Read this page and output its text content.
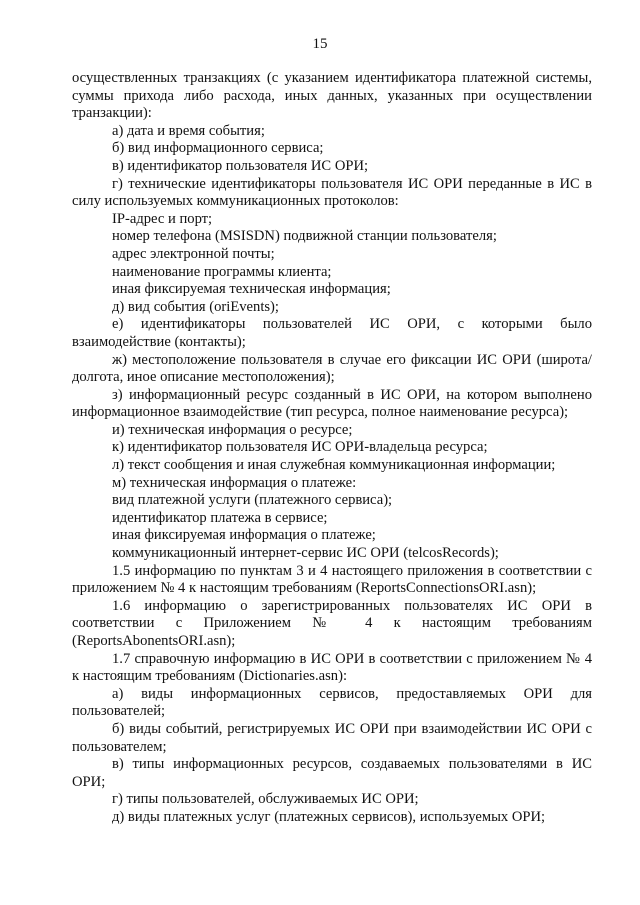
15

осуществленных транзакциях (с указанием идентификатора платежной системы, суммы прихода либо расхода, иных данных, указанных при осуществлении транзакции):

а) дата и время события;

б) вид информационного сервиса;

в) идентификатор пользователя ИС ОРИ;

г) технические идентификаторы пользователя ИС ОРИ переданные в ИС в силу используемых коммуникационных протоколов:

IP-адрес и порт;

номер телефона (MSISDN) подвижной станции пользователя;

адрес электронной почты;

наименование программы клиента;

иная фиксируемая техническая информация;

д) вид события (oriEvents);

е) идентификаторы пользователей ИС ОРИ, с которыми было взаимодействие (контакты);

ж) местоположение пользователя в случае его фиксации ИС ОРИ (широта/долгота, иное описание местоположения);

з) информационный ресурс созданный в ИС ОРИ, на котором выполнено информационное взаимодействие (тип ресурса, полное наименование ресурса);

и) техническая информация о ресурсе;

к) идентификатор пользователя ИС ОРИ-владельца ресурса;

л) текст сообщения и иная служебная коммуникационная информации;

м) техническая информация о платеже:

вид платежной услуги (платежного сервиса);

идентификатор платежа в сервисе;

иная фиксируемая информация о платеже;

коммуникационный интернет-сервис ИС ОРИ (telcosRecords);

1.5 информацию по пунктам 3 и 4 настоящего приложения в соответствии с приложением № 4 к настоящим требованиям (ReportsConnectionsORI.asn);

1.6 информацию о зарегистрированных пользователях ИС ОРИ в соответствии с Приложением № 4 к настоящим требованиям (ReportsAbonentsORI.asn);

1.7 справочную информацию в ИС ОРИ в соответствии с приложением № 4 к настоящим требованиям (Dictionaries.asn):

а) виды информационных сервисов, предоставляемых ОРИ для пользователей;

б) виды событий, регистрируемых ИС ОРИ при взаимодействии ИС ОРИ с пользователем;

в) типы информационных ресурсов, создаваемых пользователями в ИС ОРИ;

г) типы пользователей, обслуживаемых ИС ОРИ;

д) виды платежных услуг (платежных сервисов), используемых ОРИ;
